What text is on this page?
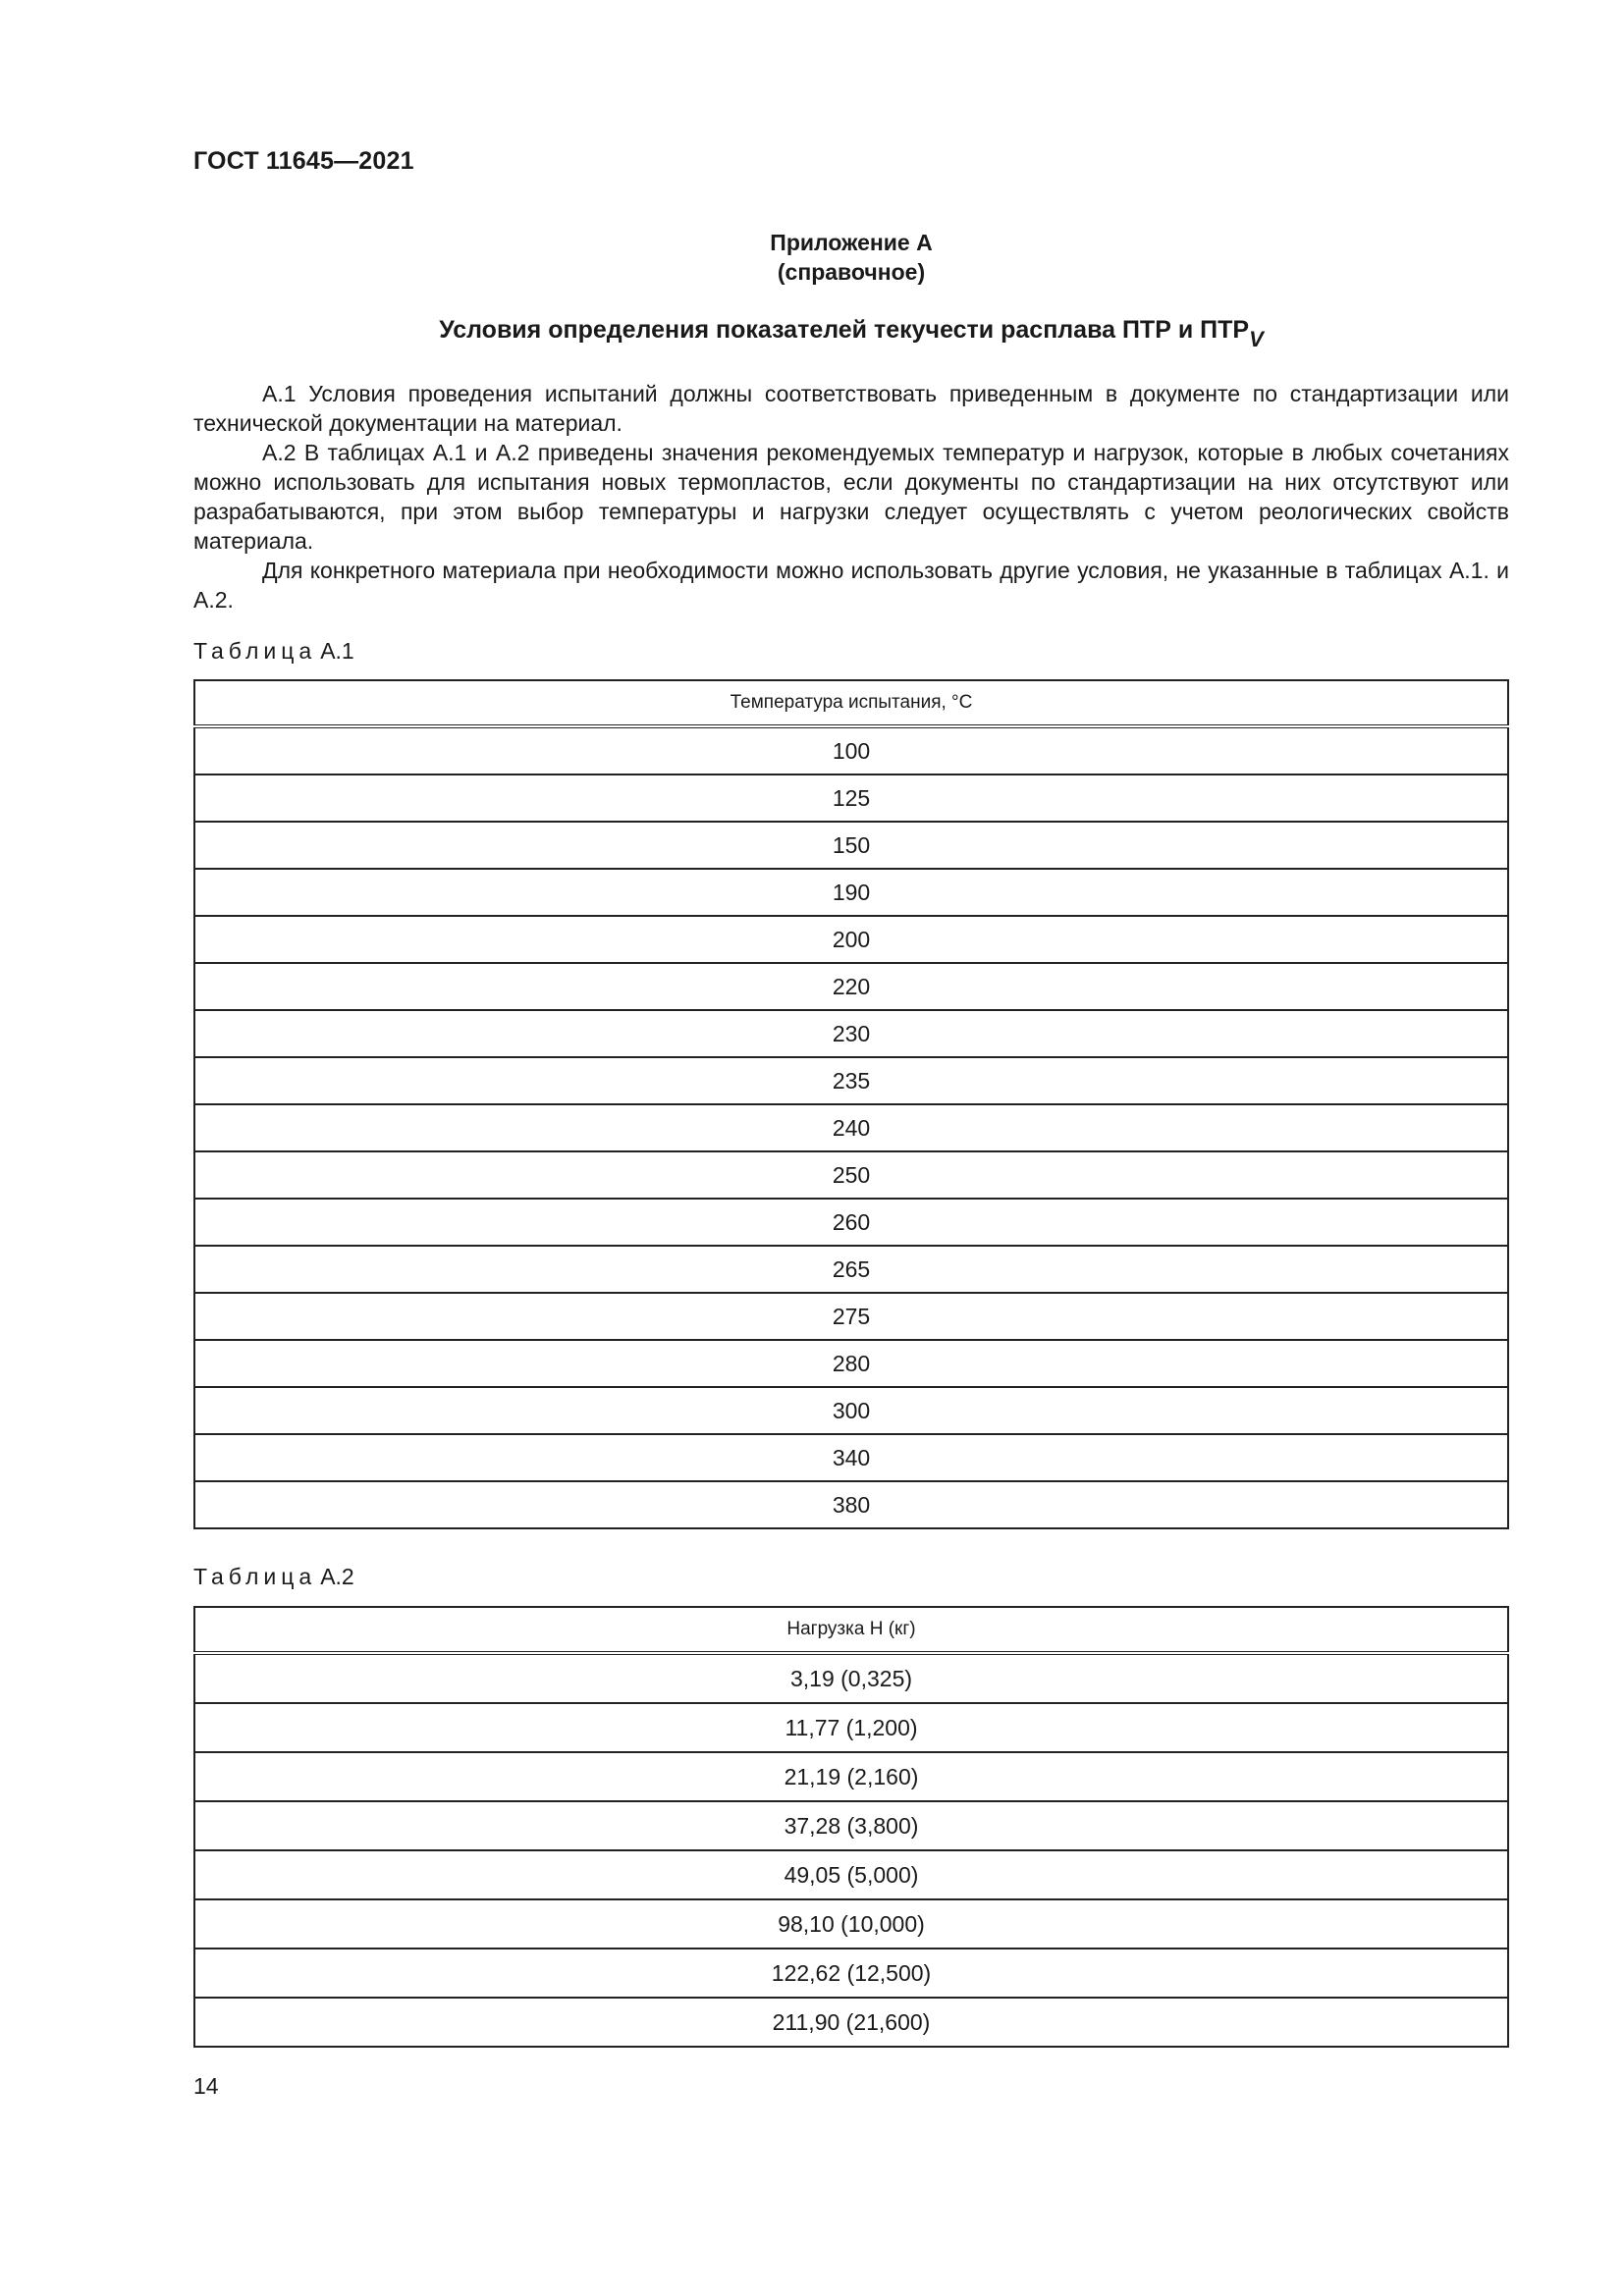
ГОСТ 11645—2021
Приложение А
(справочное)
Условия определения показателей текучести расплава ПТР и $ПТР_V$

А.1 Условия проведения испытаний должны соответствовать приведенным в документе по стандартизации или технической документации на материал.

А.2 В таблицах А.1 и А.2 приведены значения рекомендуемых температур и нагрузок, которые в любых сочетаниях можно использовать для испытания новых термопластов, если документы по стандартизации на них отсутствуют или разрабатываются, при этом выбор температуры и нагрузки следует осуществлять с учетом реологических свойств материала.

Для конкретного материала при необходимости можно использовать другие условия, не указанные в таблицах А.1. и А.2.

Таблица А.1
Температура испытания, °C
100
125
150
190
200
220
230
235
240
250
260
265
275
280
300
340
380
Таблица А.2
Нагрузка Н (кг)
3,19 (0,325)
11,77 (1,200)
21,19 (2,160)
37,28 (3,800)
49,05 (5,000)
98,10 (10,000)
122,62 (12,500)
211,90 (21,600)
14
